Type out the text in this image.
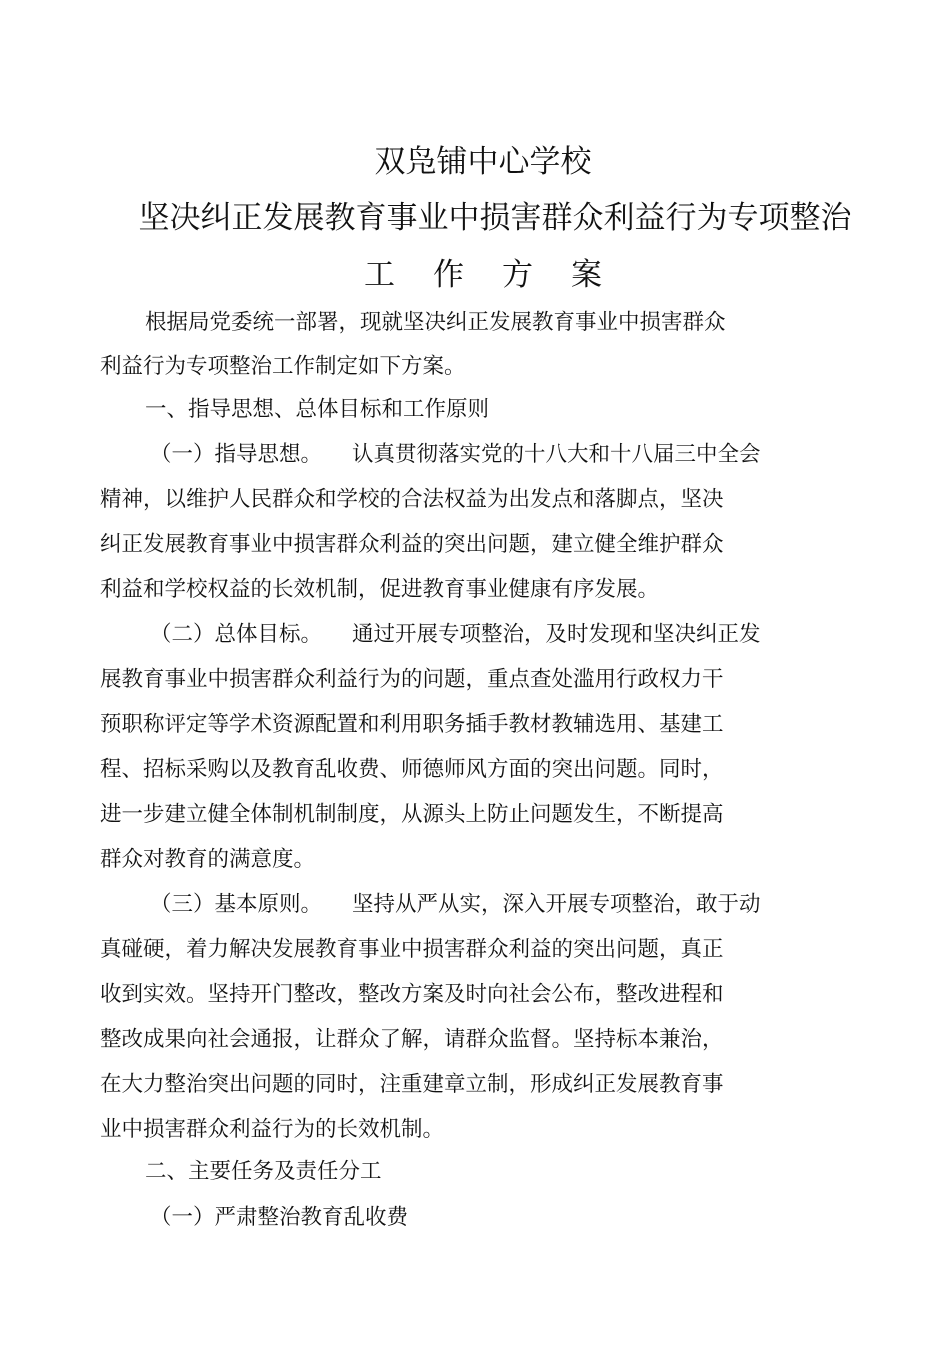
双凫铺中心学校
坚决纠正发展教育事业中损害群众利益行为专项整治
工作方案
根据局党委统一部署，现就坚决纠正发展教育事业中损害群众
利益行为专项整治工作制定如下方案。
一、指导思想、总体目标和工作原则
（一）指导思想。 认真贯彻落实党的十八大和十八届三中全会
精神，以维护人民群众和学校的合法权益为出发点和落脚点，坚决
纠正发展教育事业中损害群众利益的突出问题，建立健全维护群众
利益和学校权益的长效机制，促进教育事业健康有序发展。
（二）总体目标。 通过开展专项整治，及时发现和坚决纠正发
展教育事业中损害群众利益行为的问题，重点查处滥用行政权力干
预职称评定等学术资源配置和利用职务插手教材教辅选用、基建工
程、招标采购以及教育乱收费、师德师风方面的突出问题。同时，
进一步建立健全体制机制制度，从源头上防止问题发生，不断提高
群众对教育的满意度。
（三）基本原则。 坚持从严从实，深入开展专项整治，敢于动
真碰硬，着力解决发展教育事业中损害群众利益的突出问题，真正
收到实效。坚持开门整改，整改方案及时向社会公布，整改进程和
整改成果向社会通报，让群众了解，请群众监督。坚持标本兼治，
在大力整治突出问题的同时，注重建章立制，形成纠正发展教育事
业中损害群众利益行为的长效机制。
二、主要任务及责任分工
（一）严肃整治教育乱收费
